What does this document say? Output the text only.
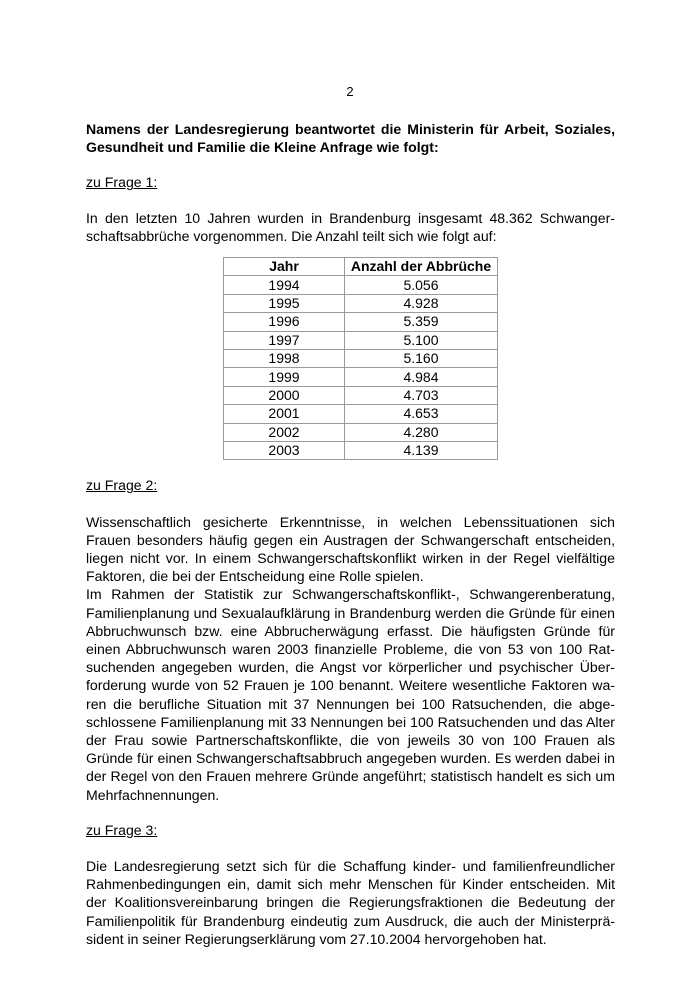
2

Namens der Landesregierung beantwortet die Ministerin für Arbeit, Soziales, Gesundheit und Familie die Kleine Anfrage wie folgt:

zu Frage 1:

In den letzten 10 Jahren wurden in Brandenburg insgesamt 48.362 Schwangerschaftsabbrüche vorgenommen. Die Anzahl teilt sich wie folgt auf:

Jahr	Anzahl der Abbrüche
1994	5.056
1995	4.928
1996	5.359
1997	5.100
1998	5.160
1999	4.984
2000	4.703
2001	4.653
2002	4.280
2003	4.139

zu Frage 2:

Wissenschaftlich gesicherte Erkenntnisse, in welchen Lebenssituationen sich Frauen besonders häufig gegen ein Austragen der Schwangerschaft entscheiden, liegen nicht vor. In einem Schwangerschaftskonflikt wirken in der Regel vielfältige Faktoren, die bei der Entscheidung eine Rolle spielen.

Im Rahmen der Statistik zur Schwangerschaftskonflikt-, Schwangerenberatung, Familienplanung und Sexualaufklärung in Brandenburg werden die Gründe für einen Abbruchwunsch bzw. eine Abbrucherwägung erfasst. Die häufigsten Gründe für einen Abbruchwunsch waren 2003 finanzielle Probleme, die von 53 von 100 Ratsuchenden angegeben wurden, die Angst vor körperlicher und psychischer Überforderung wurde von 52 Frauen je 100 benannt. Weitere wesentliche Faktoren waren die berufliche Situation mit 37 Nennungen bei 100 Ratsuchenden, die abgeschlossene Familienplanung mit 33 Nennungen bei 100 Ratsuchenden und das Alter der Frau sowie Partnerschaftskonflikte, die von jeweils 30 von 100 Frauen als Gründe für einen Schwangerschaftsabbruch angegeben wurden. Es werden dabei in der Regel von den Frauen mehrere Gründe angeführt; statistisch handelt es sich um Mehrfachnennungen.

zu Frage 3:

Die Landesregierung setzt sich für die Schaffung kinder- und familienfreundlicher Rahmenbedingungen ein, damit sich mehr Menschen für Kinder entscheiden. Mit der Koalitionsvereinbarung bringen die Regierungsfraktionen die Bedeutung der Familienpolitik für Brandenburg eindeutig zum Ausdruck, die auch der Ministerpräsident in seiner Regierungserklärung vom 27.10.2004 hervorgehoben hat.
